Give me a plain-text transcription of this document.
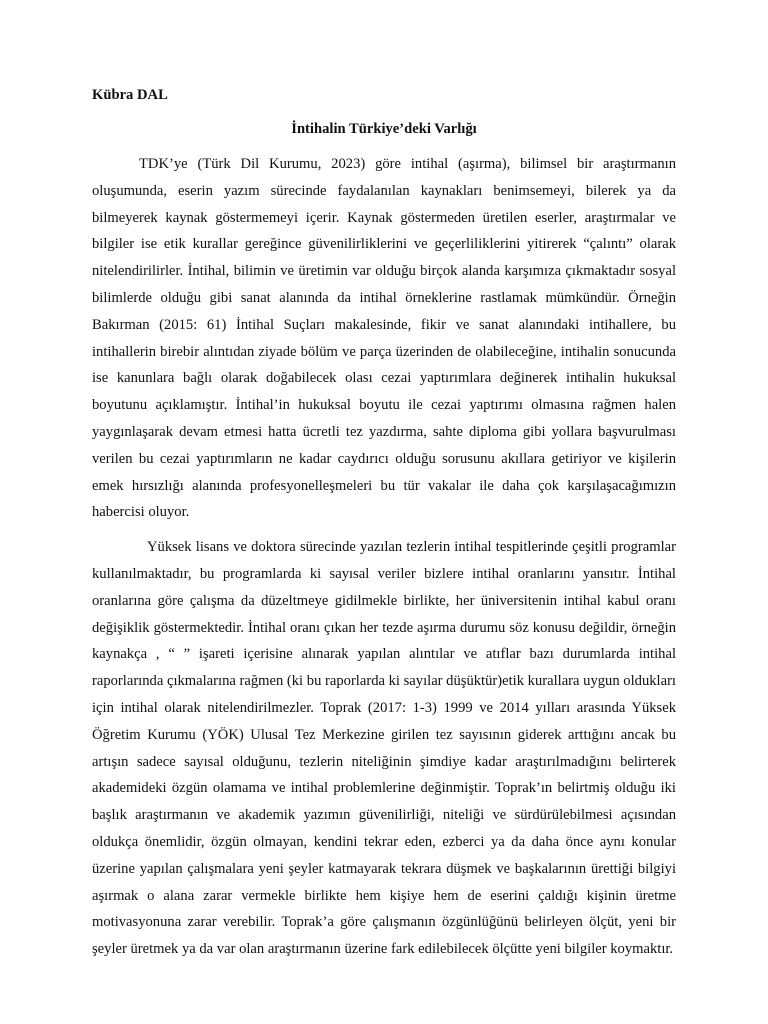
Kübra DAL
İntihalin Türkiye’deki Varlığı

TDK’ye (Türk Dil Kurumu, 2023) göre intihal (aşırma), bilimsel bir araştırmanın oluşumunda, eserin yazım sürecinde faydalanılan kaynakları benimsemeyi, bilerek ya da bilmeyerek kaynak göstermemeyi içerir. Kaynak göstermeden üretilen eserler, araştırmalar ve bilgiler ise etik kurallar gereğince güvenilirliklerini ve geçerliliklerini yitirerek “çalıntı” olarak nitelendirilirler. İntihal, bilimin ve üretimin var olduğu birçok alanda karşımıza çıkmaktadır sosyal bilimlerde olduğu gibi sanat alanında da intihal örneklerine rastlamak mümkündür. Örneğin Bakırman (2015: 61) İntihal Suçları makalesinde, fikir ve sanat alanındaki intihallere, bu intihallerin birebir alıntıdan ziyade bölüm ve parça üzerinden de olabileceğine, intihalin sonucunda ise kanunlara bağlı olarak doğabilecek olası cezai yaptırımlara değinerek intihalin hukuksal boyutunu açıklamıştır. İntihal’in hukuksal boyutu ile cezai yaptırımı olmasına rağmen halen yaygınlaşarak devam etmesi hatta ücretli tez yazdırma, sahte diploma gibi yollara başvurulması verilen bu cezai yaptırımların ne kadar caydırıcı olduğu sorusunu akıllara getiriyor ve kişilerin emek hırsızlığı alanında profesyonelleşmeleri bu tür vakalar ile daha çok karşılaşacağımızın habercisi oluyor.

Yüksek lisans ve doktora sürecinde yazılan tezlerin intihal tespitlerinde çeşitli programlar kullanılmaktadır, bu programlarda ki sayısal veriler bizlere intihal oranlarını yansıtır. İntihal oranlarına göre çalışma da düzeltmeye gidilmekle birlikte, her üniversitenin intihal kabul oranı değişiklik göstermektedir. İntihal oranı çıkan her tezde aşırma durumu söz konusu değildir, örneğin kaynakça , “ ” işareti içerisine alınarak yapılan alıntılar ve atıflar bazı durumlarda intihal raporlarında çıkmalarına rağmen (ki bu raporlarda ki sayılar düşüktür)etik kurallara uygun oldukları için intihal olarak nitelendirilmezler. Toprak (2017: 1-3) 1999 ve 2014 yılları arasında Yüksek Öğretim Kurumu (YÖK) Ulusal Tez Merkezine girilen tez sayısının giderek arttığını ancak bu artışın sadece sayısal olduğunu, tezlerin niteliğinin şimdiye kadar araştırılmadığını belirterek akademideki özgün olamama ve intihal problemlerine değinmiştir. Toprak’ın belirtmiş olduğu iki başlık araştırmanın ve akademik yazımın güvenilirliği, niteliği ve sürdürülebilmesi açısından oldukça önemlidir, özgün olmayan, kendini tekrar eden, ezberci ya da daha önce aynı konular üzerine yapılan çalışmalara yeni şeyler katmayarak tekrara düşmek ve başkalarının ürettiği bilgiyi aşırmak o alana zarar vermekle birlikte hem kişiye hem de eserini çaldığı kişinin üretme motivasyonuna zarar verebilir. Toprak’a göre çalışmanın özgünlüğünü belirleyen ölçüt, yeni bir şeyler üretmek ya da var olan araştırmanın üzerine fark edilebilecek ölçütte yeni bilgiler koymaktır.
